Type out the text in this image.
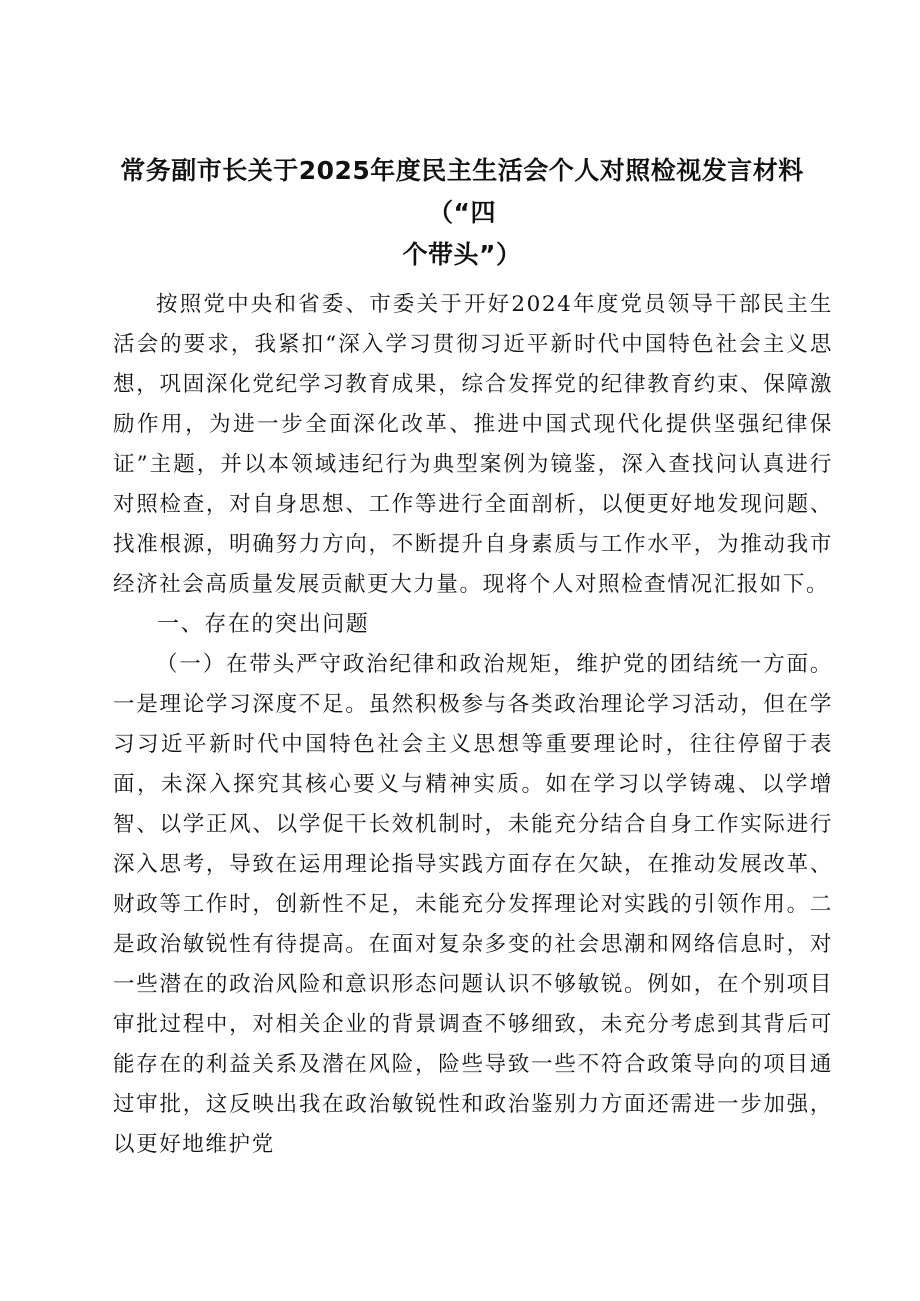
常务副市长关于2025年度民主生活会个人对照检视发言材料（“四
个带头”）

按照党中央和省委、市委关于开好2024年度党员领导干部民主生活会的要求，我紧扣“深入学习贯彻习近平新时代中国特色社会主义思想，巩固深化党纪学习教育成果，综合发挥党的纪律教育约束、保障激励作用，为进一步全面深化改革、推进中国式现代化提供坚强纪律保证”主题，并以本领域违纪行为典型案例为镜鉴，深入查找问认真进行对照检查，对自身思想、工作等进行全面剖析，以便更好地发现问题、找准根源，明确努力方向，不断提升自身素质与工作水平，为推动我市经济社会高质量发展贡献更大力量。现将个人对照检查情况汇报如下。

一、存在的突出问题

（一）在带头严守政治纪律和政治规矩，维护党的团结统一方面。一是理论学习深度不足。虽然积极参与各类政治理论学习活动，但在学习习近平新时代中国特色社会主义思想等重要理论时，往往停留于表面，未深入探究其核心要义与精神实质。如在学习以学铸魂、以学增智、以学正风、以学促干长效机制时，未能充分结合自身工作实际进行深入思考，导致在运用理论指导实践方面存在欠缺，在推动发展改革、财政等工作时，创新性不足，未能充分发挥理论对实践的引领作用。二是政治敏锐性有待提高。在面对复杂多变的社会思潮和网络信息时，对一些潜在的政治风险和意识形态问题认识不够敏锐。例如，在个别项目审批过程中，对相关企业的背景调查不够细致，未充分考虑到其背后可能存在的利益关系及潜在风险，险些导致一些不符合政策导向的项目通过审批，这反映出我在政治敏锐性和政治鉴别力方面还需进一步加强，以更好地维护党
